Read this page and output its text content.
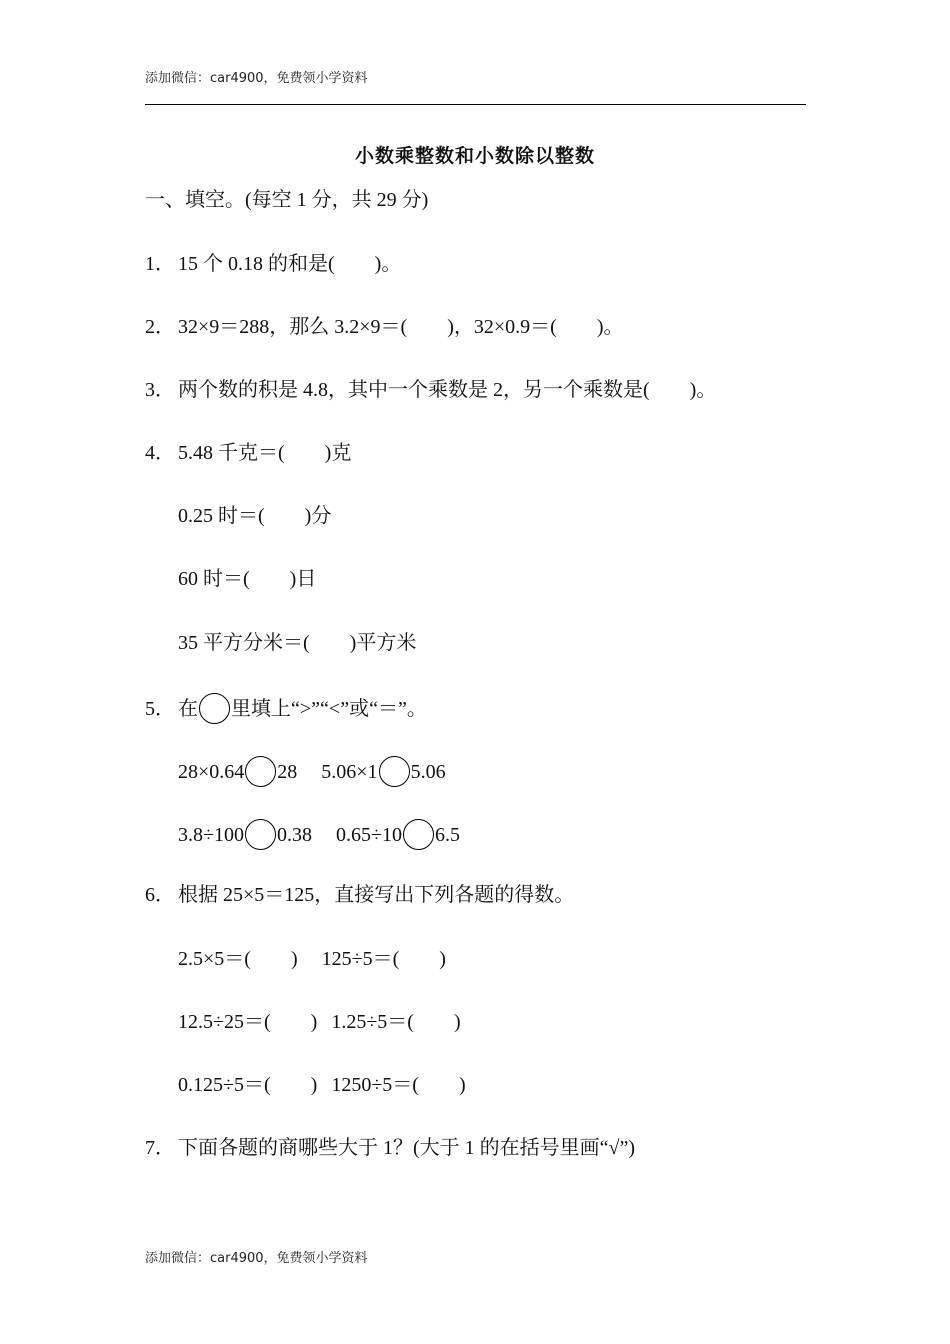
添加微信：car4900，免费领小学资料
小数乘整数和小数除以整数
一、填空。(每空 1 分，共 29 分)
1． 15 个 0.18 的和是( )。
2． 32×9＝288，那么 3.2×9＝( )，32×0.9＝( )。
3． 两个数的积是 4.8，其中一个乘数是 2，另一个乘数是( )。
4． 5.48 千克＝( )克
0.25 时＝( )分
60 时＝( )日
35 平方分米＝( )平方米
5． 在 里填上“>”“<”或“＝”。
28×0.64 28 5.06×1 5.06
3.8÷100 0.38 0.65÷10 6.5
6． 根据 25×5＝125，直接写出下列各题的得数。
2.5×5＝( ) 125÷5＝( )
12.5÷25＝( ) 1.25÷5＝( )
0.125÷5＝( ) 1250÷5＝( )
7． 下面各题的商哪些大于 1？(大于 1 的在括号里画“√”)
添加微信：car4900，免费领小学资料
